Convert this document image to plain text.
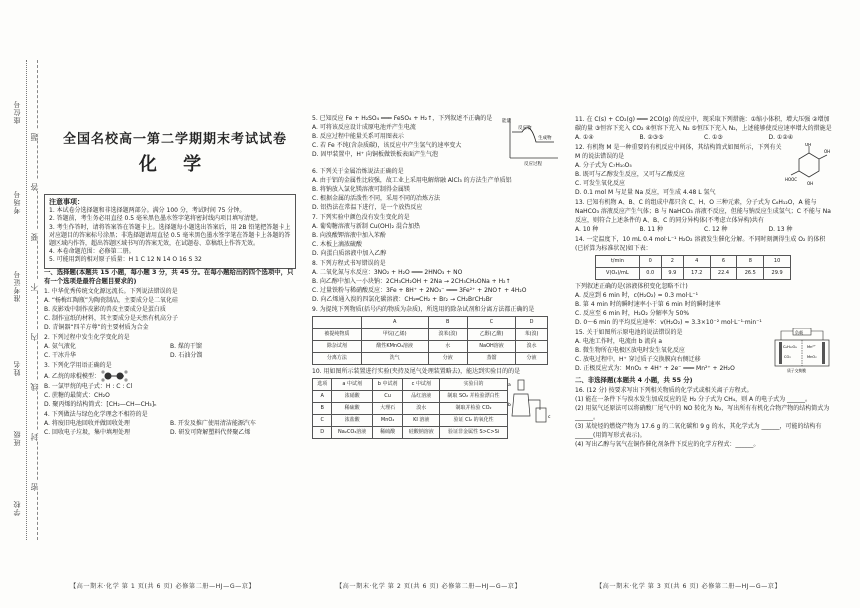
学校
班级
姓名
准考证号
考场号
座位号
密
封
线
内
不
要
答
题 全国名校高一第二学期期末考试试卷
化 学
注意事项：
1. 本试卷分选择题和非选择题两部分。满分 100 分，考试时间 75 分钟。
2. 答题前，考生务必用直径 0.5 毫米黑色墨水签字笔将密封线内项目填写清楚。
3. 考生作答时，请将答案答在答题卡上。选择题每小题选出答案后，用 2B 铅笔把答题卡上对应题目的答案标号涂黑；非选择题请用直径 0.5 毫米黑色墨水签字笔在答题卡上各题的答题区域内作答，超出答题区域书写的答案无效，在试题卷、草稿纸上作答无效。
4. 本卷命题范围：必修第二册。
5. 可能用到的相对原子质量：H 1 C 12 N 14 O 16 S 32
一、选择题(本题共 15 小题，每小题 3 分，共 45 分。在每小题给出的四个选项中，只有一个选项是最符合题目要求的)
1. 中华优秀传统文化源远流长。下列说法错误的是
A. “杨梅红陶瓶”为陶瓷制品，主要成分是二氧化硅
B. 皮影戏中制作皮影的兽皮主要成分是蛋白质
C. 制作宣纸的材料，其主要成分是天然有机高分子
D. 青铜器“四羊方尊”的主要材质为合金
2. 下列过程中发生化学变化的是
A. 氨气液化	B. 煤的干馏
C. 干冰升华	D. 石油分馏
3. 下列化学用语正确的是
A. 乙烷的球棍模型：
B. 一氯甲烷的电子式：H : C : Cl
C. 蔗糖的最简式：CH₂O
D. 聚丙烯的结构简式：[CH₂—CH—CH₃]ₙ
4. 下列做法与绿色化学理念不相符的是
A. 将废旧电池回收并做回收处理	B. 开发及推广使用清洁能源汽车
C. 回收电子垃圾，集中填埋处理	D. 研发可降解塑料代替聚乙烯
5. 已知反应 Fe + H₂SO₄ ═══ FeSO₄ + H₂↑，下列叙述不正确的是
A. 可将该反应设计成原电池并产生电流
B. 反应过程中能量关系可用图表示
C. 若 Fe 不纯(含杂质碳)，该反应中产生氢气的速率变大
D. 固甲装置中，H⁺ 向铜板做铁板表面产生气泡
反应物
生成物
能量
反应过程
6. 下列关于金属冶炼说法正确的是
A. 由于铝的金属性比较强，故工业上采用电解熔融 AlCl₃ 的方法生产单质铝
B. 将钠放入氯化镁溶液可制得金属镁
C. 根据金属的活泼性不同，采用不同的冶炼方法
D. 铝热法在常温下进行，是一个放热反应
7. 下列实验中颜色没有发生变化的是
A. 葡萄糖溶液与新制 Cu(OH)₂ 混合加热
B. 向溴酸钾溶液中加入苯酚
C. 木板上滴浓硫酸
D. 向蛋白质溶液中加入乙醇
8. 下列方程式书写错误的是
A. 二氧化氮与水反应：3NO₂ + H₂O ═══ 2HNO₃ + NO
B. 向乙醇中加入一小块钠：2CH₃CH₂OH + 2Na → 2CH₃CH₂ONa + H₂↑
C. 过量铁粉与稀硝酸反应：3Fe + 8H⁺ + 2NO₃⁻ ═══ 3Fe²⁺ + 2NO↑ + 4H₂O
D. 向乙烯通入溴的四氯化碳溶液：CH₂═CH₂ + Br₂ → CH₂BrCH₂Br
9. 为提纯下列物质(括号内的物质为杂质)，所选用的除杂试剂和分离方法都正确的是
	A	B	C	D
被提纯物质	甲烷(乙烯)	溴苯(溴)	乙醇(乙酸)	苯(溴)
除杂试剂	酸性KMnO₄溶液	水	NaOH溶液	溴水
分离方法	洗气	分液	蒸馏	分液
10. 用如图所示装置进行实验(夹持及尾气处理装置略去)，能达到实验目的的是
选项	a 中试剂	b 中试剂	c 中试剂	实验目的
A	浓硝酸	Cu	品红溶液	制取 SO₂ 并检验漂白性
B	稀硫酸	大理石	溴水	制取并检验 CO₂
C	浓盐酸	MnO₂	KI 溶液	验证 Cl₂ 的氧化性
D	Na₂CO₃溶液	稀硫酸	硅酸钠溶液	验证非金属性 S>C>Si
a
b
c
11. 在 C(s) + CO₂(g) ═══ 2CO(g) 的反应中，现采取下列措施：①缩小体积，增大压强 ②增加碳的量 ③恒容下充入 CO₂ ④恒容下充入 N₂ ⑤恒压下充入 N₂，上述能够使反应速率增大的措施是
A. ①④	B. ②③⑤	C. ①③	D. ①②④
12. 有机物 M 是一种重要的有机反应中间体，其结构简式如图所示，下列有关 M 的说法错误的是
A. 分子式为 C₇H₁₀O₅
B. 既可与乙醇发生反应，又可与乙酸反应
C. 可发生氧化反应
D. 0.1 mol M 与足量 Na 反应，可生成 4.48 L 氢气
OH
OH
HOOC
OH
13. 已知有机物 A、B、C 的组成中都只含 C、H、O 三种元素，分子式为 C₆H₁₂O，A 能与 NaHCO₃ 溶液反应产生气体；B 与 NaHCO₃ 溶液不反应，但能与钠反应生成氢气；C 不能与 Na 反应，则符合上述条件的 A、B、C 的同分异构体(不考虑立体异构)共有
A. 10 种	B. 11 种	C. 12 种	D. 13 种
14. 一定温度下，10 mL 0.4 mol·L⁻¹ H₂O₂ 溶液发生催化分解。不同时刻测得生成 O₂ 的体积(已折算为标准状况)如下表：
t/min	0	2	4	6	8	10
V(O₂)/mL	0.0	9.9	17.2	22.4	26.5	29.9
下列叙述正确的是(溶液体积变化忽略不计)
A. 反应到 6 min 时，c(H₂O₂) = 0.3 mol·L⁻¹
B. 第 4 min 时的瞬时速率小于第 6 min 时的瞬时速率
C. 反应至 6 min 时，H₂O₂ 分解率为 50%
D. 0～6 min 的平均反应速率：v(H₂O₂) ≈ 3.3×10⁻² mol·L⁻¹·min⁻¹
15. 关于如图所示原电池的说法错误的是
A. 电池工作时，电流由 b 流向 a
B. 微生物所在电极区放电时发生氧化反应
C. 放电过程中，H⁺ 穿过质子交换膜向右侧迁移
D. 正极反应式为：MnO₂ + 4H⁺ + 2e⁻ ═══ Mn²⁺ + 2H₂O
负载
C₆H₁₂O₆
CO₂
Mn²⁺
MnO₂
质子交换膜
二、非选择题(本题共 4 小题，共 55 分)
16. (12 分) 按要求写出下列相关物质的化学式或相关离子方程式。
(1) 能在一条件下与溴水发生加成反应的是 H₂ 分子式为 CH₄，则 A 的电子式为 ______。
(2) 用氨气还原法可以将硝酸厂尾气中的 NO 转化为 N₂，写出所有有机化合物产物的结构简式为 ______。
(3) 某烷烃的燃烧产物为 17.6 g 的二氧化碳和 9 g 的水，其化学式为 ______，可能的结构有 ______(用简写形式表示)。
(4) 写出乙醇与氧气在铜作催化剂条件下反应的化学方程式：______。
【高一期末·化学 第 1 页(共 6 页) 必修第二册—HJ—G—京】	【高一期末·化学 第 2 页(共 6 页) 必修第二册—HJ—G—京】	【高一期末·化学 第 3 页(共 6 页) 必修第二册—HJ—G—京】
